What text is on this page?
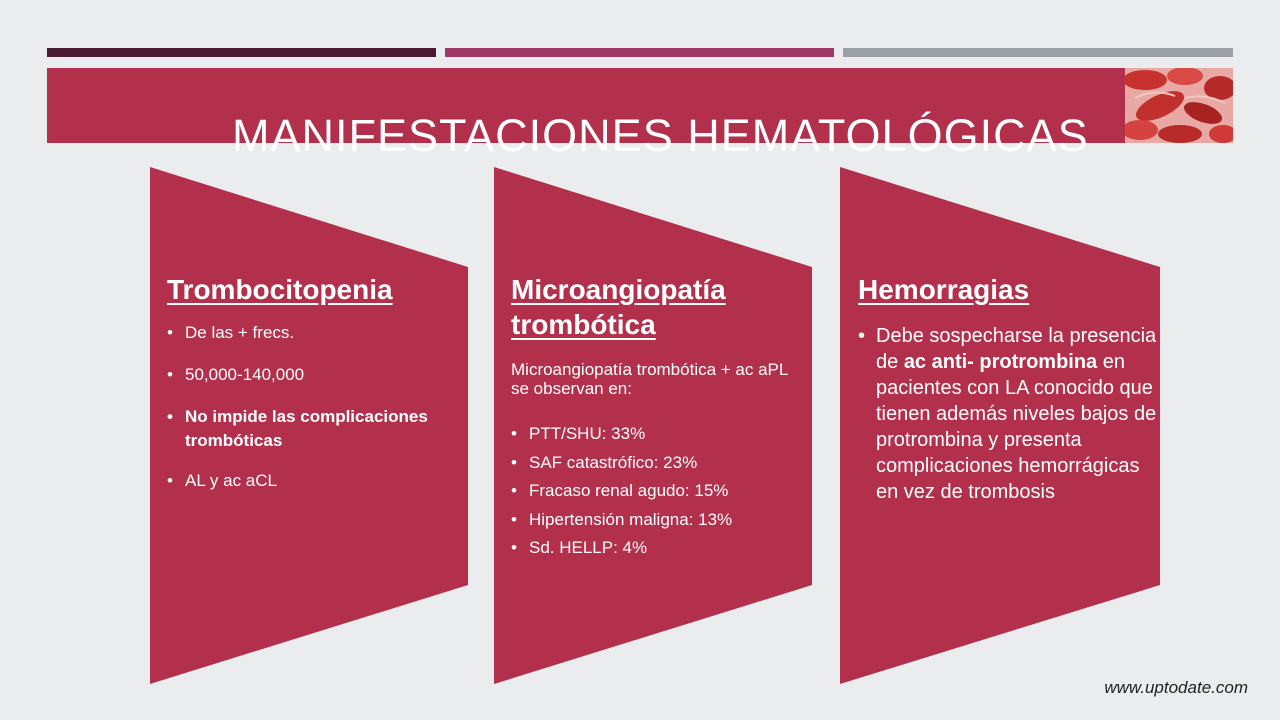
MANIFESTACIONES HEMATOLÓGICAS
Trombocitopenia
• De las + frecs.
• 50,000-140,000
• No impide las complicaciones trombóticas
• AL y ac aCL
Microangiopatía trombótica
Microangiopatía trombótica + ac aPL se observan en:
• PTT/SHU: 33%
• SAF catastrófico: 23%
• Fracaso renal agudo: 15%
• Hipertensión maligna: 13%
• Sd. HELLP: 4%
Hemorragias
• Debe sospecharse la presencia de ac anti- protrombina en pacientes con LA conocido que tienen además niveles bajos de protrombina y presenta complicaciones hemorrágicas en vez de trombosis
www.uptodate.com
